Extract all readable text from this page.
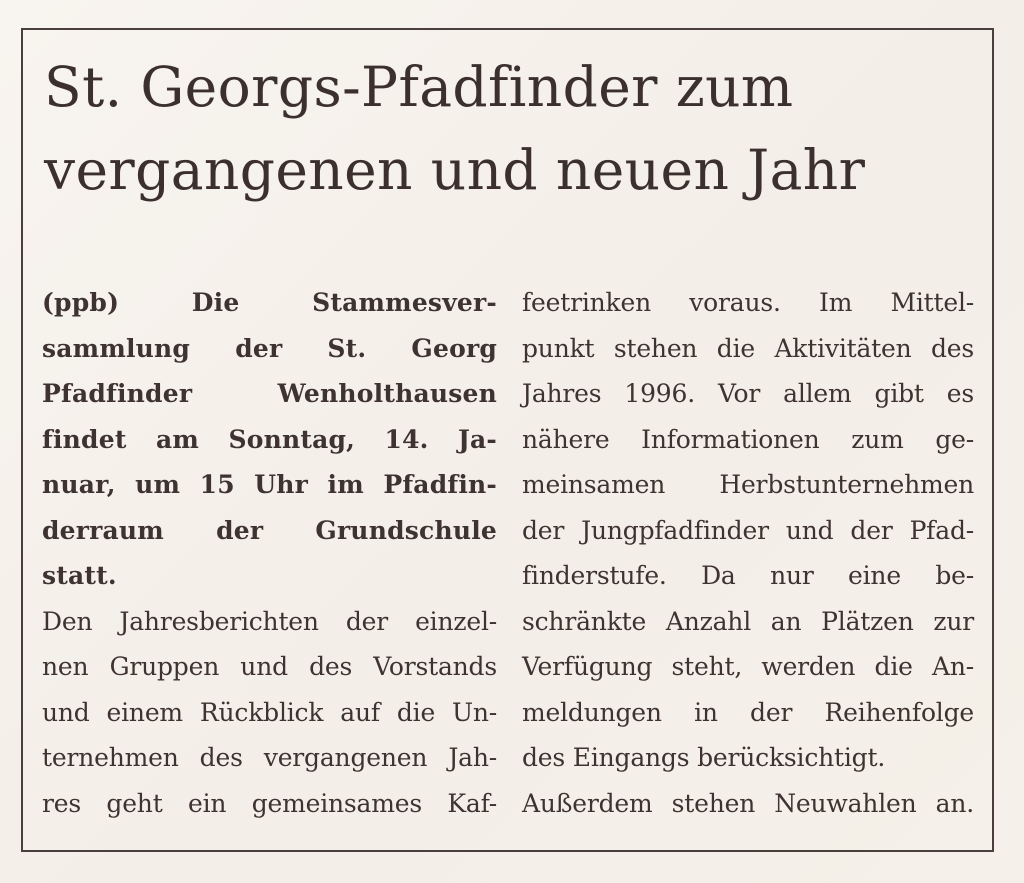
St. Georgs-Pfadfinder zum
vergangenen und neuen Jahr
(ppb) Die Stammesver-
sammlung der St. Georg
Pfadfinder Wenholthausen
findet am Sonntag, 14. Ja-
nuar, um 15 Uhr im Pfadfin-
derraum der Grundschule
statt.
Den Jahresberichten der einzel-
nen Gruppen und des Vorstands
und einem Rückblick auf die Un-
ternehmen des vergangenen Jah-
res geht ein gemeinsames Kaf-
feetrinken voraus. Im Mittel-
punkt stehen die Aktivitäten des
Jahres 1996. Vor allem gibt es
nähere Informationen zum ge-
meinsamen Herbstunternehmen
der Jungpfadfinder und der Pfad-
finderstufe. Da nur eine be-
schränkte Anzahl an Plätzen zur
Verfügung steht, werden die An-
meldungen in der Reihenfolge
des Eingangs berücksichtigt.
Außerdem stehen Neuwahlen an.
